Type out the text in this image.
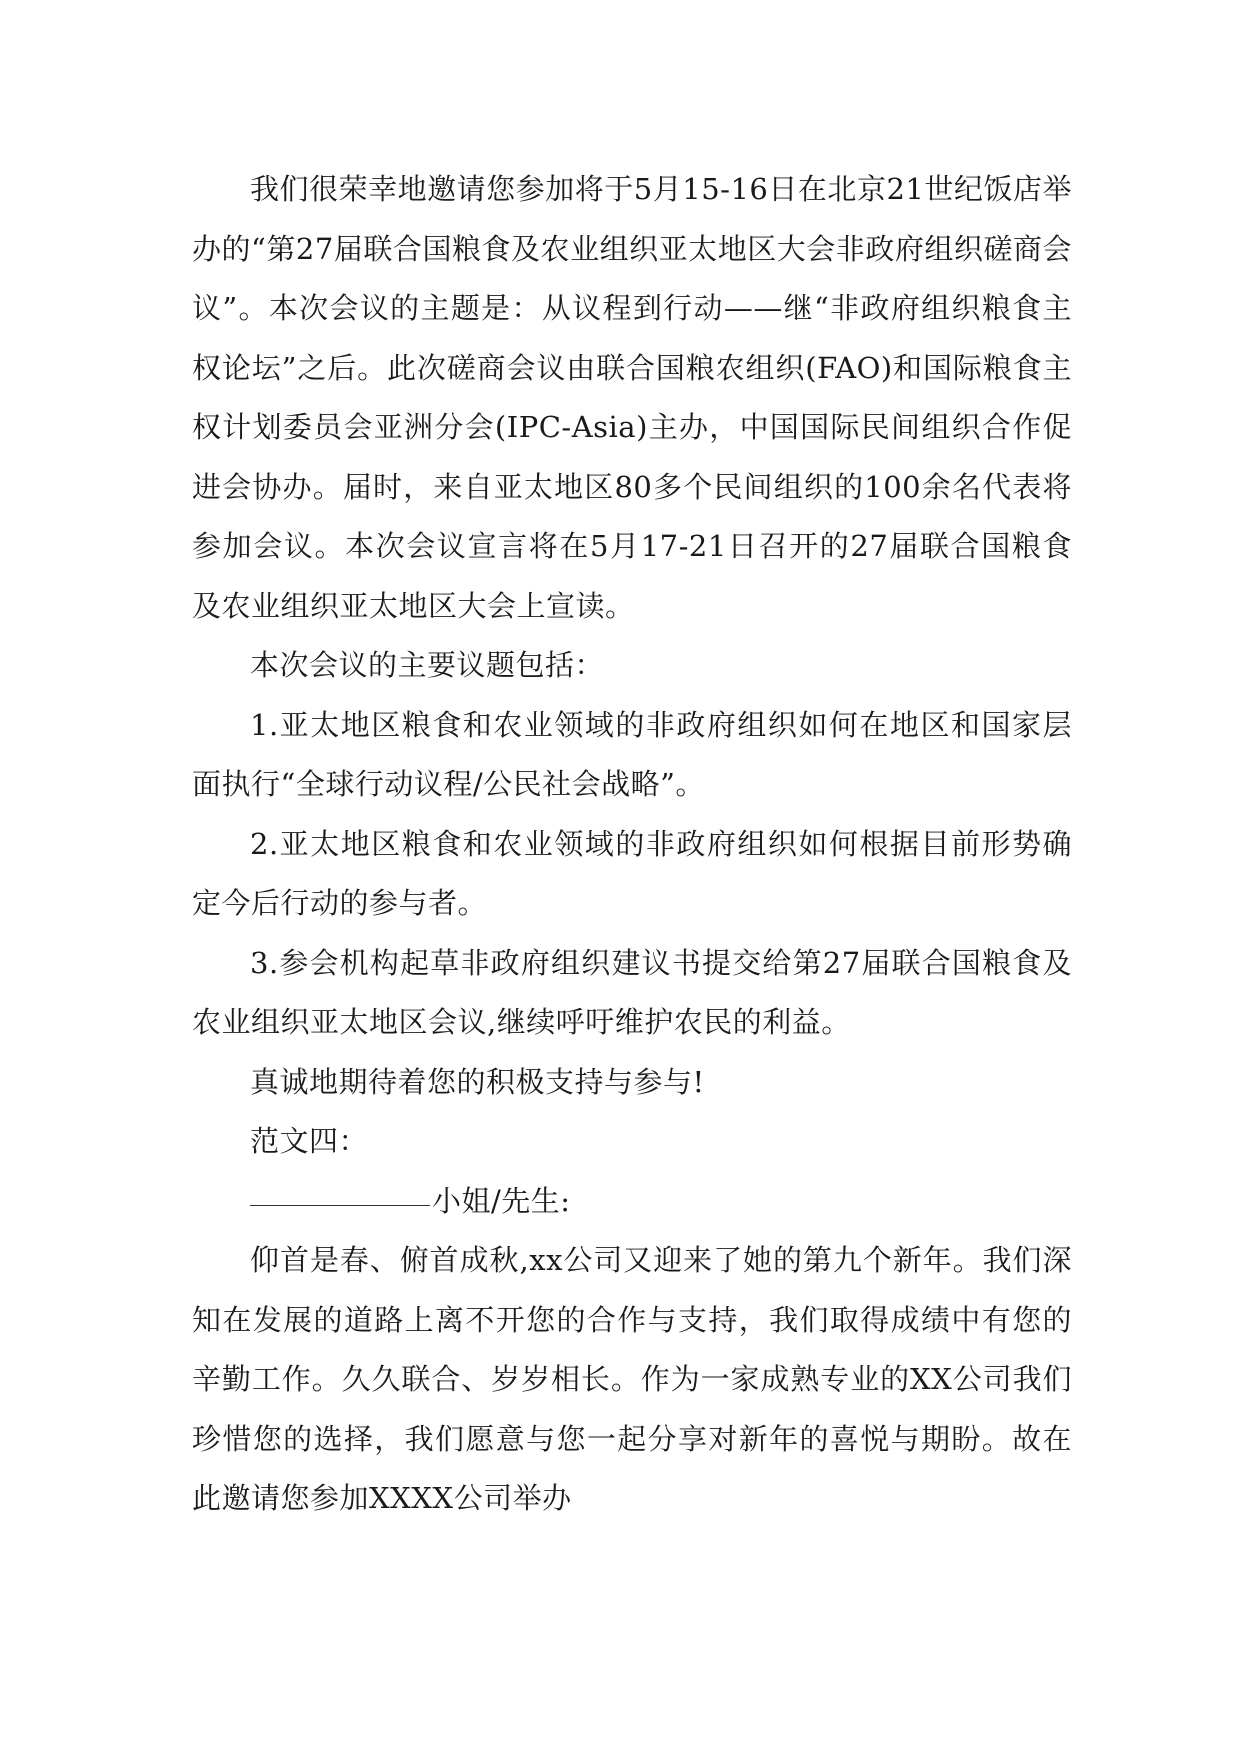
我们很荣幸地邀请您参加将于5月15-16日在北京21世纪饭店举办的“第27届联合国粮食及农业组织亚太地区大会非政府组织磋商会议”。本次会议的主题是：从议程到行动——继“非政府组织粮食主权论坛”之后。此次磋商会议由联合国粮农组织(FAO)和国际粮食主权计划委员会亚洲分会(IPC-Asia)主办，中国国际民间组织合作促进会协办。届时，来自亚太地区80多个民间组织的100余名代表将参加会议。本次会议宣言将在5月17-21日召开的27届联合国粮食及农业组织亚太地区大会上宣读。

本次会议的主要议题包括：

1.亚太地区粮食和农业领域的非政府组织如何在地区和国家层面执行“全球行动议程/公民社会战略”。

2.亚太地区粮食和农业领域的非政府组织如何根据目前形势确定今后行动的参与者。

3.参会机构起草非政府组织建议书提交给第27届联合国粮食及农业组织亚太地区会议,继续呼吁维护农民的利益。

真诚地期待着您的积极支持与参与!

范文四：

小姐/先生:

仰首是春、俯首成秋,xx公司又迎来了她的第九个新年。我们深知在发展的道路上离不开您的合作与支持，我们取得成绩中有您的辛勤工作。久久联合、岁岁相长。作为一家成熟专业的XX公司我们珍惜您的选择，我们愿意与您一起分享对新年的喜悦与期盼。故在此邀请您参加XXXX公司举办
